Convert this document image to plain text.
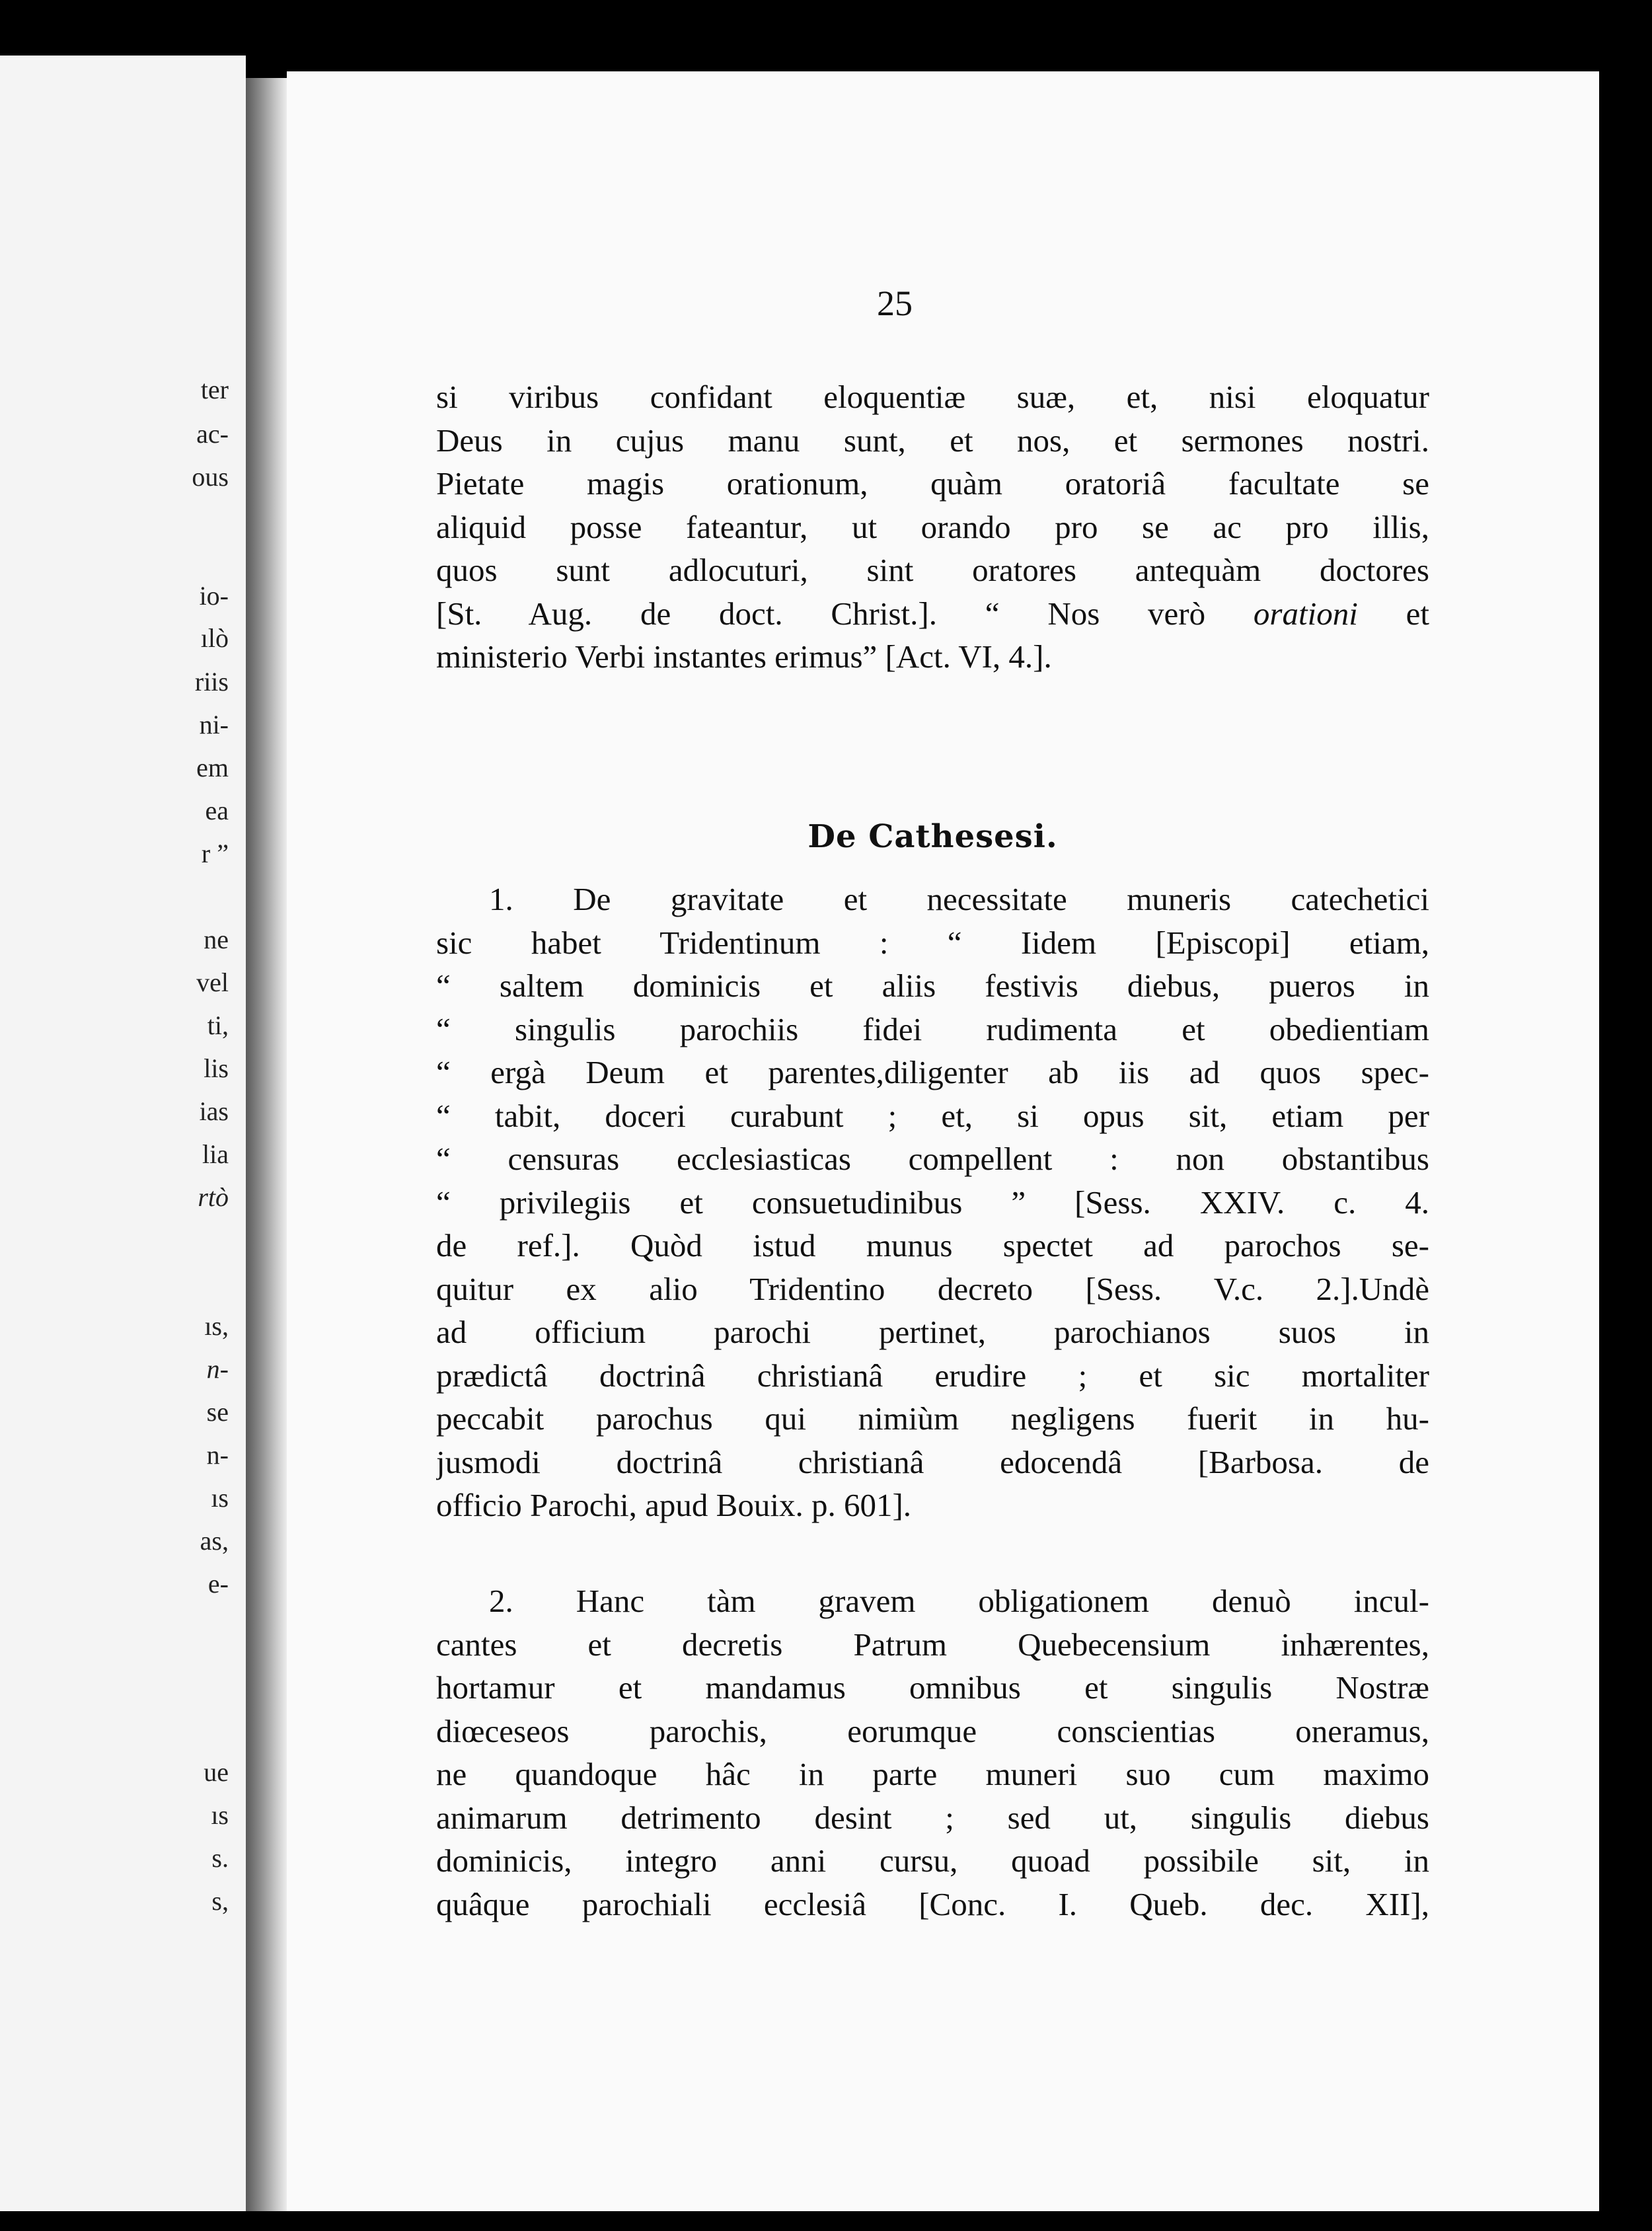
ter
ac-
ous
io-
ılò
riis
ni-
em
ea
r ”
ne
vel
ti,
lis
ias
lia
rtò
ıs,
n-
se
n-
ıs
as,
e-
ue
ıs
s.
s,
25
si viribus confidant eloquentiæ suæ, et, nisi eloquatur
Deus in cujus manu sunt, et nos, et sermones nostri.
Pietate magis orationum, quàm oratoriâ facultate se
aliquid posse fateantur, ut orando pro se ac pro illis,
quos sunt adlocuturi, sint oratores antequàm doctores
[St. Aug. de doct. Christ.]. “ Nos verò orationi et
ministerio Verbi instantes erimus” [Act. VI, 4.].
De Cathesesi.
1. De gravitate et necessitate muneris catechetici
sic habet Tridentinum : “ Iidem [Episcopi] etiam,
“ saltem dominicis et aliis festivis diebus, pueros in
“ singulis parochiis fidei rudimenta et obedientiam
“ ergà Deum et parentes,diligenter ab iis ad quos spec-
“ tabit, doceri curabunt ; et, si opus sit, etiam per
“ censuras ecclesiasticas compellent : non obstantibus
“ privilegiis et consuetudinibus ” [Sess. XXIV. c. 4.
de ref.]. Quòd istud munus spectet ad parochos se-
quitur ex alio Tridentino decreto [Sess. V.c. 2.].Undè
ad officium parochi pertinet, parochianos suos in
prædictâ doctrinâ christianâ erudire ; et sic mortaliter
peccabit parochus qui nimiùm negligens fuerit in hu-
jusmodi doctrinâ christianâ edocendâ [Barbosa. de
officio Parochi, apud Bouix. p. 601].
2. Hanc tàm gravem obligationem denuò incul-
cantes et decretis Patrum Quebecensium inhærentes,
hortamur et mandamus omnibus et singulis Nostræ
diœceseos parochis, eorumque conscientias oneramus,
ne quandoque hâc in parte muneri suo cum maximo
animarum detrimento desint ; sed ut, singulis diebus
dominicis, integro anni cursu, quoad possibile sit, in
quâque parochiali ecclesiâ [Conc. I. Queb. dec. XII],
